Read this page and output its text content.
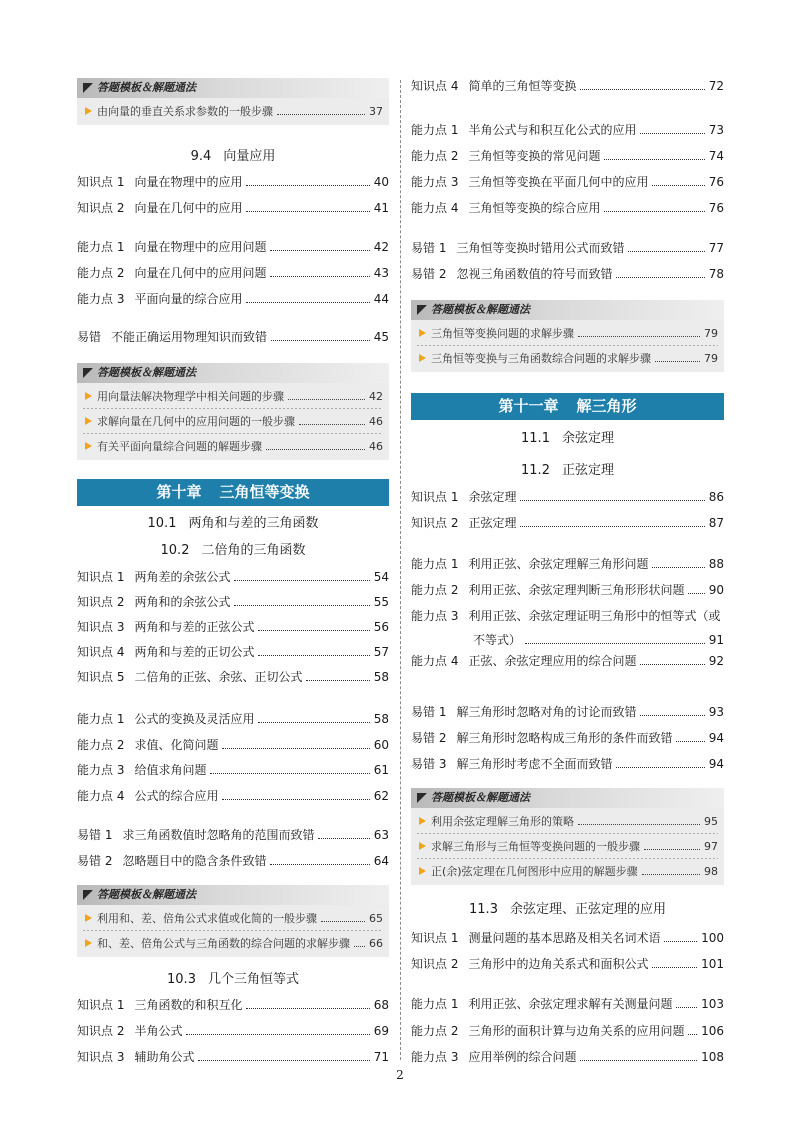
答题模板＆解题通法
由向量的垂直关系求参数的一般步骤	37
9.4 向量应用
知识点 1 向量在物理中的应用	40
知识点 2 向量在几何中的应用	41
能力点 1 向量在物理中的应用问题	42
能力点 2 向量在几何中的应用问题	43
能力点 3 平面向量的综合应用	44
易错 不能正确运用物理知识而致错	45
答题模板＆解题通法
用向量法解决物理学中相关问题的步骤	42
求解向量在几何中的应用问题的一般步骤	46
有关平面向量综合问题的解题步骤	46
第十章 三角恒等变换
10.1 两角和与差的三角函数
10.2 二倍角的三角函数
知识点 1 两角差的余弦公式	54
知识点 2 两角和的余弦公式	55
知识点 3 两角和与差的正弦公式	56
知识点 4 两角和与差的正切公式	57
知识点 5 二倍角的正弦、余弦、正切公式	58
能力点 1 公式的变换及灵活应用	58
能力点 2 求值、化简问题	60
能力点 3 给值求角问题	61
能力点 4 公式的综合应用	62
易错 1 求三角函数值时忽略角的范围而致错	63
易错 2 忽略题目中的隐含条件致错	64
答题模板＆解题通法
利用和、差、倍角公式求值或化简的一般步骤	65
和、差、倍角公式与三角函数的综合问题的求解步骤 66
10.3 几个三角恒等式
知识点 1 三角函数的和积互化	68
知识点 2 半角公式	69
知识点 3 辅助角公式	71
知识点 4 简单的三角恒等变换	72
能力点 1 半角公式与和积互化公式的应用	73
能力点 2 三角恒等变换的常见问题	74
能力点 3 三角恒等变换在平面几何中的应用	76
能力点 4 三角恒等变换的综合应用	76
易错 1 三角恒等变换时错用公式而致错	77
易错 2 忽视三角函数值的符号而致错	78
答题模板＆解题通法
三角恒等变换问题的求解步骤	79
三角恒等变换与三角函数综合问题的求解步骤	79
第十一章 解三角形
11.1 余弦定理
11.2 正弦定理
知识点 1 余弦定理	86
知识点 2 正弦定理	87
能力点 1 利用正弦、余弦定理解三角形问题	88
能力点 2 利用正弦、余弦定理判断三角形形状问题 90
能力点 3 利用正弦、余弦定理证明三角形中的恒等式（或
不等式）	91
能力点 4 正弦、余弦定理应用的综合问题	92
易错 1 解三角形时忽略对角的讨论而致错	93
易错 2 解三角形时忽略构成三角形的条件而致错	94
易错 3 解三角形时考虑不全面而致错	94
答题模板＆解题通法
利用余弦定理解三角形的策略	95
求解三角形与三角恒等变换问题的一般步骤	97
正(余)弦定理在几何图形中应用的解题步骤	98
11.3 余弦定理、正弦定理的应用
知识点 1 测量问题的基本思路及相关名词术语	100
知识点 2 三角形中的边角关系式和面积公式	101
能力点 1 利用正弦、余弦定理求解有关测量问题 103
能力点 2 三角形的面积计算与边角关系的应用问题 106
能力点 3 应用举例的综合问题	108
2
